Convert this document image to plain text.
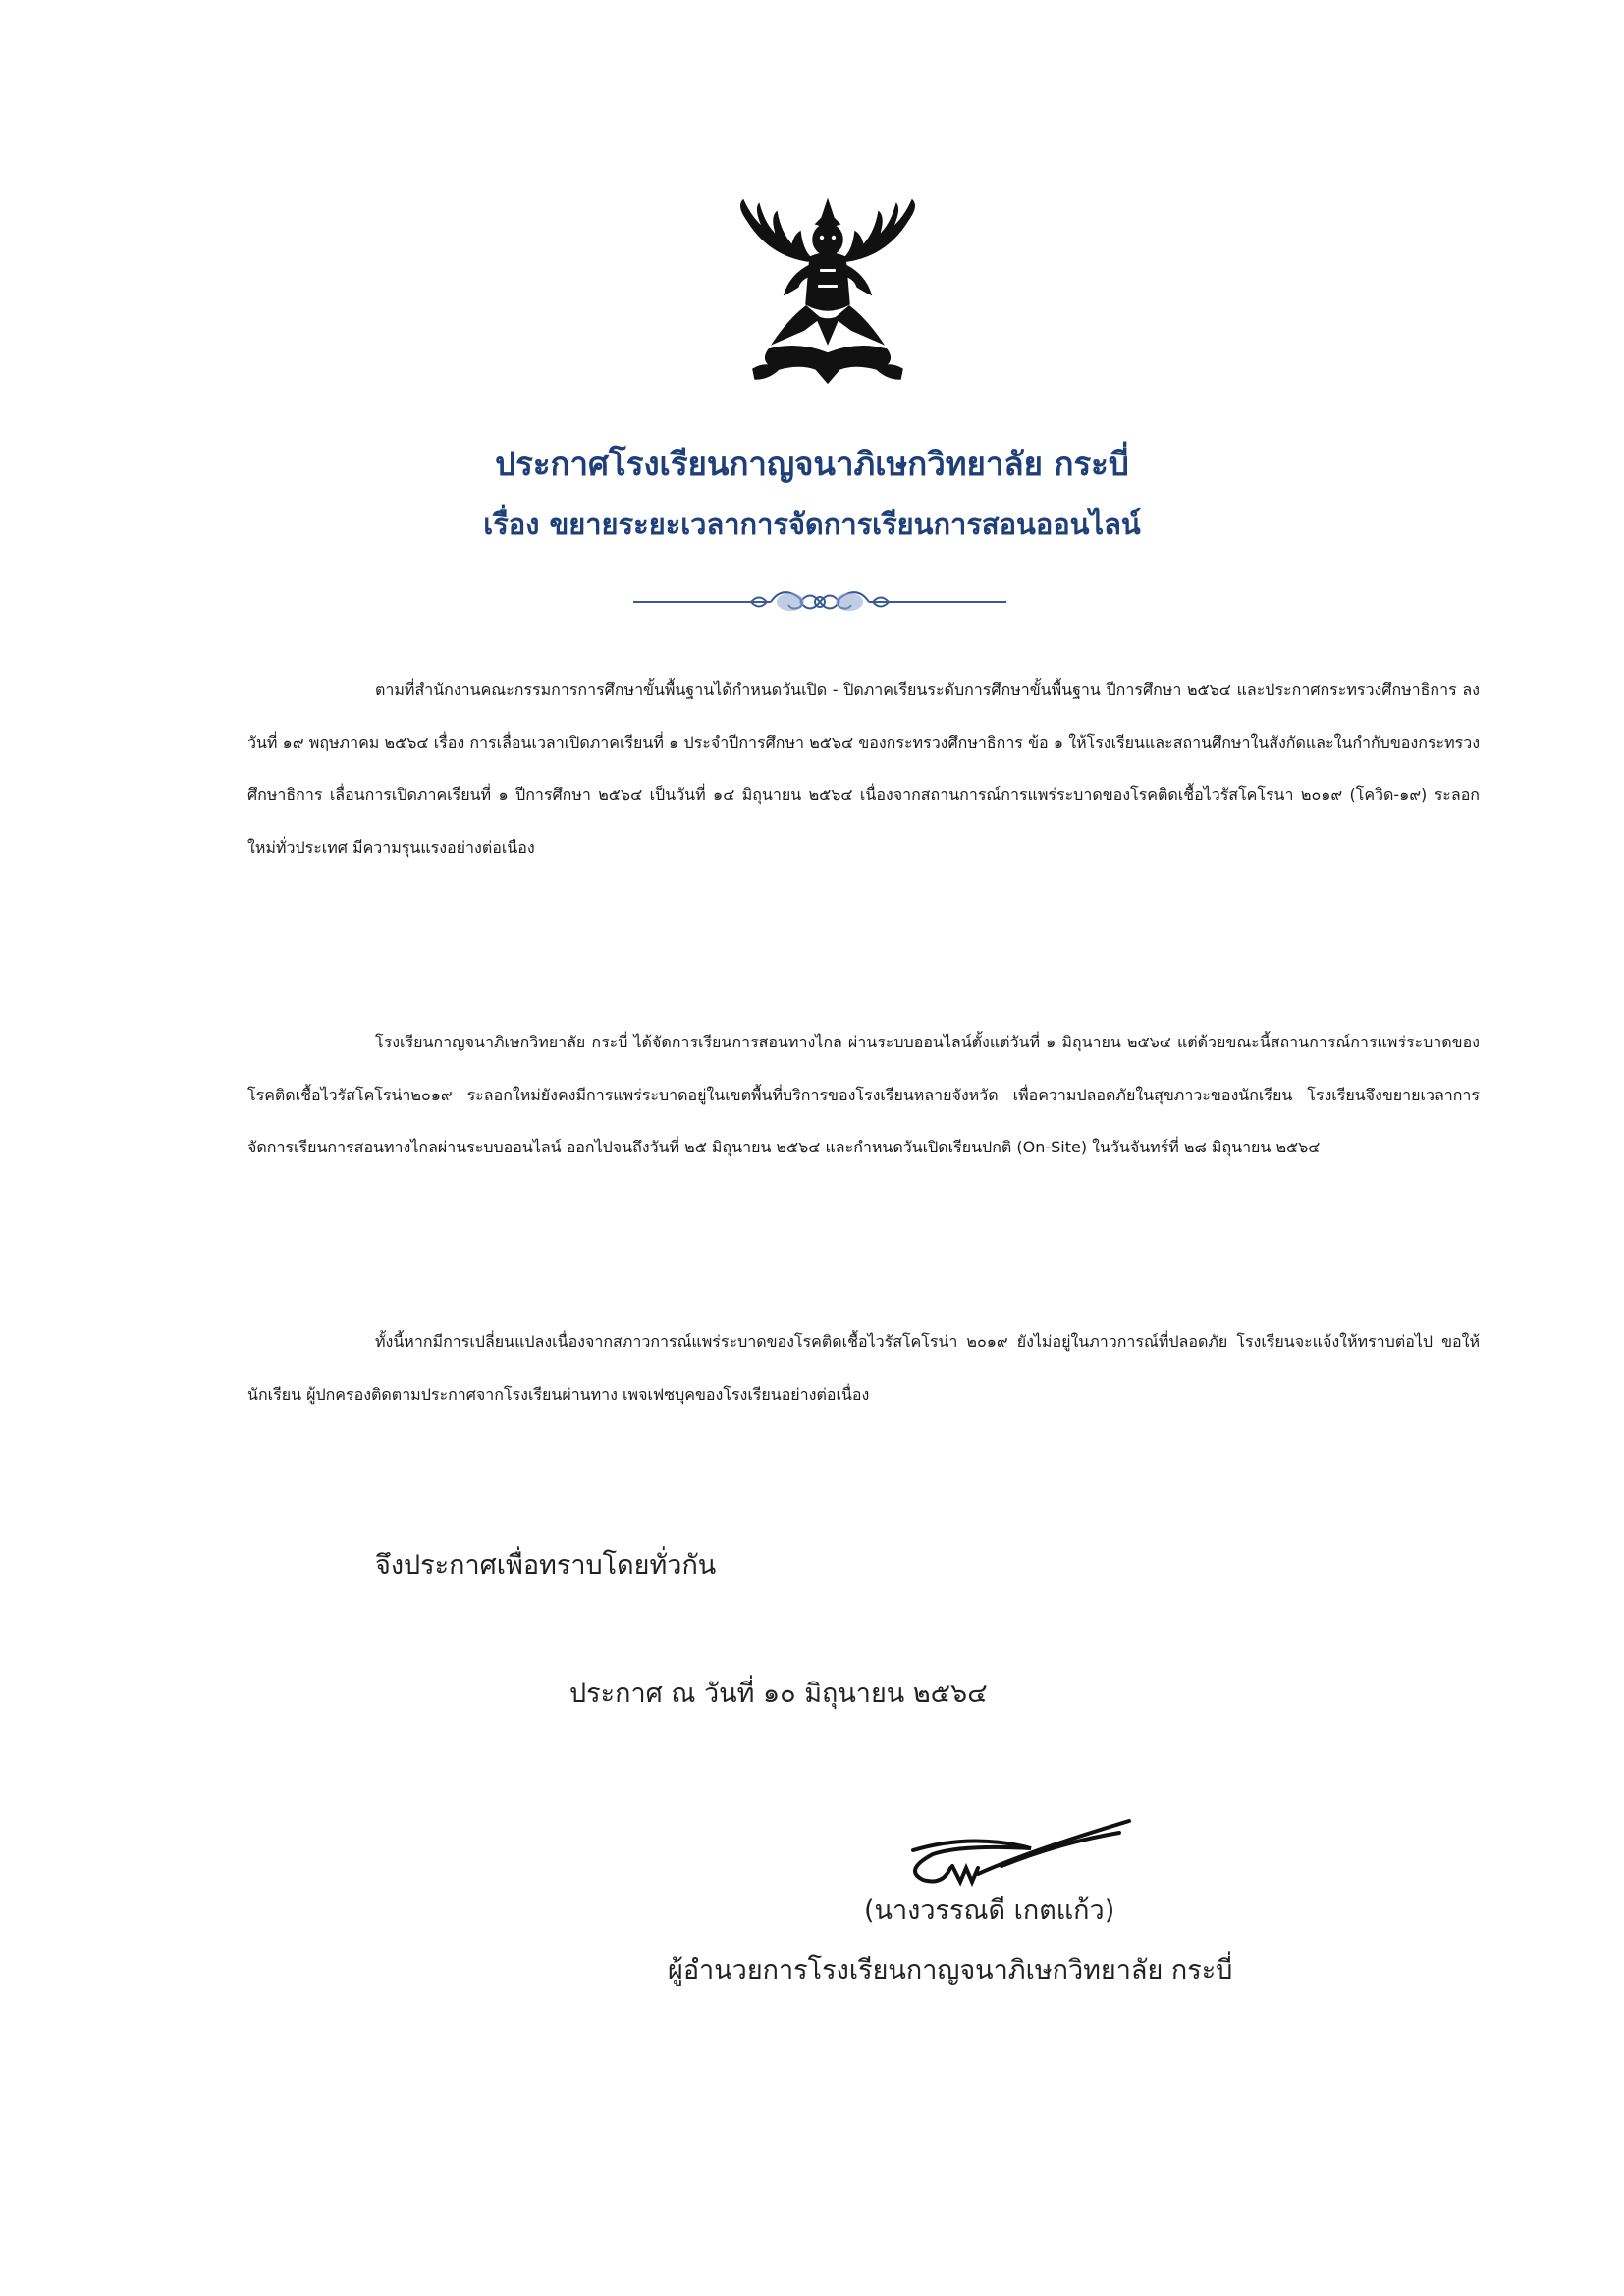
ประกาศโรงเรียนกาญจนาภิเษกวิทยาลัย กระบี่
เรื่อง ขยายระยะเวลาการจัดการเรียนการสอนออนไลน์

ตามที่สำนักงานคณะกรรมการการศึกษาขั้นพื้นฐานได้กำหนดวันเปิด - ปิดภาคเรียนระดับการศึกษาขั้นพื้นฐาน ปีการศึกษา ๒๕๖๔ และประกาศกระทรวงศึกษาธิการ ลงวันที่ ๑๙ พฤษภาคม ๒๕๖๔ เรื่อง การเลื่อนเวลาเปิดภาคเรียนที่ ๑ ประจำปีการศึกษา ๒๕๖๔ ของกระทรวงศึกษาธิการ ข้อ ๑ ให้โรงเรียนและสถานศึกษาในสังกัดและในกำกับของกระทรวงศึกษาธิการ เลื่อนการเปิดภาคเรียนที่ ๑ ปีการศึกษา ๒๕๖๔ เป็นวันที่ ๑๔ มิถุนายน ๒๕๖๔ เนื่องจากสถานการณ์การแพร่ระบาดของโรคติดเชื้อไวรัสโคโรนา ๒๐๑๙ (โควิด-๑๙) ระลอกใหม่ทั่วประเทศ มีความรุนแรงอย่างต่อเนื่อง

โรงเรียนกาญจนาภิเษกวิทยาลัย กระบี่ ได้จัดการเรียนการสอนทางไกล ผ่านระบบออนไลน์ตั้งแต่วันที่ ๑ มิถุนายน ๒๕๖๔ แต่ด้วยขณะนี้สถานการณ์การแพร่ระบาดของโรคติดเชื้อไวรัสโคโรน่า๒๐๑๙ ระลอกใหม่ยังคงมีการแพร่ระบาดอยู่ในเขตพื้นที่บริการของโรงเรียนหลายจังหวัด เพื่อความปลอดภัยในสุขภาวะของนักเรียน โรงเรียนจึงขยายเวลาการจัดการเรียนการสอนทางไกลผ่านระบบออนไลน์ ออกไปจนถึงวันที่ ๒๕ มิถุนายน ๒๕๖๔ และกำหนดวันเปิดเรียนปกติ (On-Site) ในวันจันทร์ที่ ๒๘ มิถุนายน ๒๕๖๔

ทั้งนี้หากมีการเปลี่ยนแปลงเนื่องจากสภาวการณ์แพร่ระบาดของโรคติดเชื้อไวรัสโคโรน่า ๒๐๑๙ ยังไม่อยู่ในภาวการณ์ที่ปลอดภัย โรงเรียนจะแจ้งให้ทราบต่อไป ขอให้นักเรียน ผู้ปกครองติดตามประกาศจากโรงเรียนผ่านทาง เพจเฟซบุคของโรงเรียนอย่างต่อเนื่อง

จึงประกาศเพื่อทราบโดยทั่วกัน
ประกาศ ณ วันที่ ๑๐ มิถุนายน ๒๕๖๔
(นางวรรณดี เกตแก้ว)
ผู้อำนวยการโรงเรียนกาญจนาภิเษกวิทยาลัย กระบี่
